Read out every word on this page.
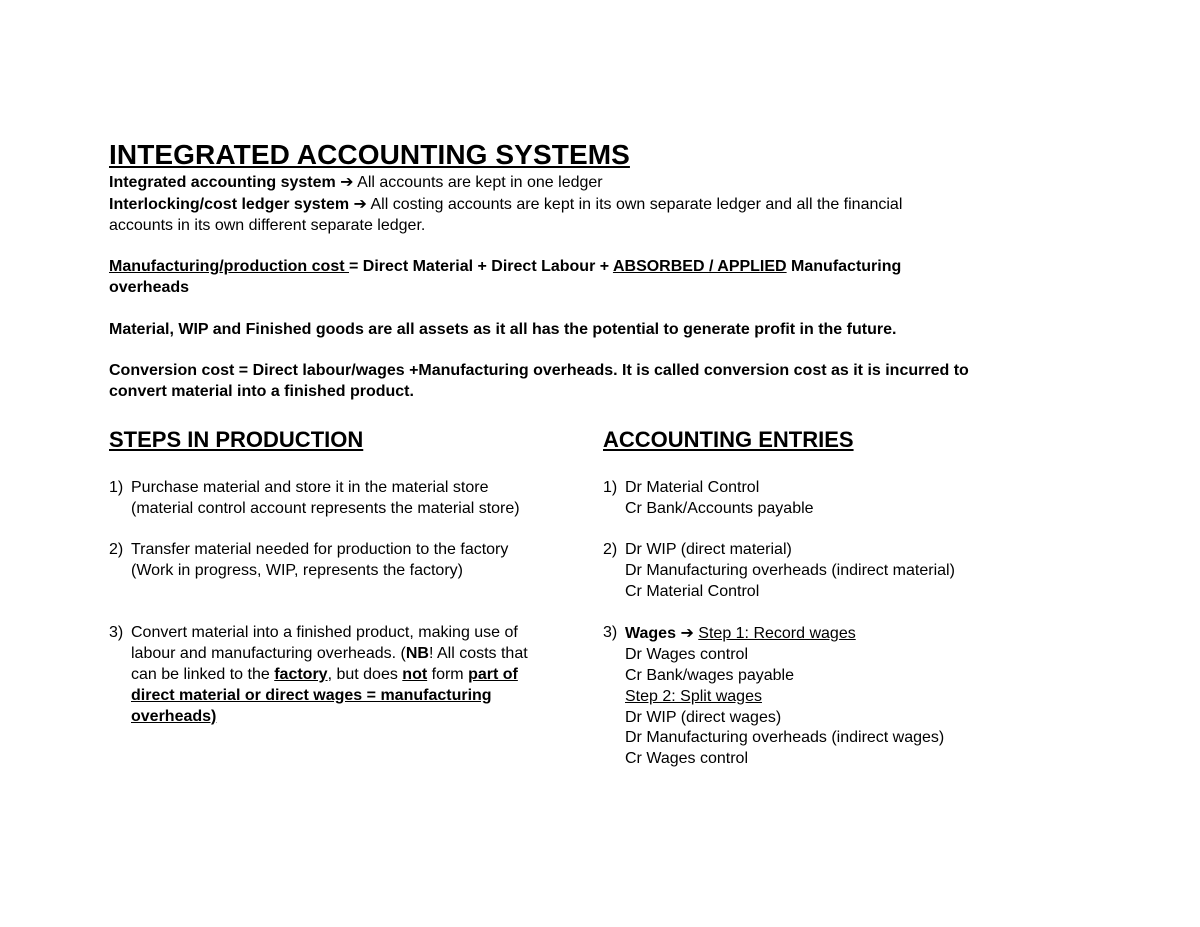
INTEGRATED ACCOUNTING SYSTEMS

Integrated accounting system ➔ All accounts are kept in one ledger

Interlocking/cost ledger system ➔ All costing accounts are kept in its own separate ledger and all the financial

accounts in its own different separate ledger.

Manufacturing/production cost = Direct Material + Direct Labour + ABSORBED / APPLIED Manufacturing

overheads

Material, WIP and Finished goods are all assets as it all has the potential to generate profit in the future.

Conversion cost = Direct labour/wages +Manufacturing overheads. It is called conversion cost as it is incurred to

convert material into a finished product.

STEPS IN PRODUCTION
1) Purchase material and store it in the material store

(material control account represents the material store)

2) Transfer material needed for production to the factory

(Work in progress, WIP, represents the factory)

3) Convert material into a finished product, making use of

labour and manufacturing overheads. (NB! All costs that

can be linked to the factory, but does not form part of

direct material or direct wages = manufacturing

overheads)

ACCOUNTING ENTRIES
1) Dr Material Control

Cr Bank/Accounts payable

2) Dr WIP (direct material)

Dr Manufacturing overheads (indirect material)

Cr Material Control

3) Wages ➔ Step 1: Record wages

Dr Wages control

Cr Bank/wages payable

Step 2: Split wages

Dr WIP (direct wages)

Dr Manufacturing overheads (indirect wages)

Cr Wages control
